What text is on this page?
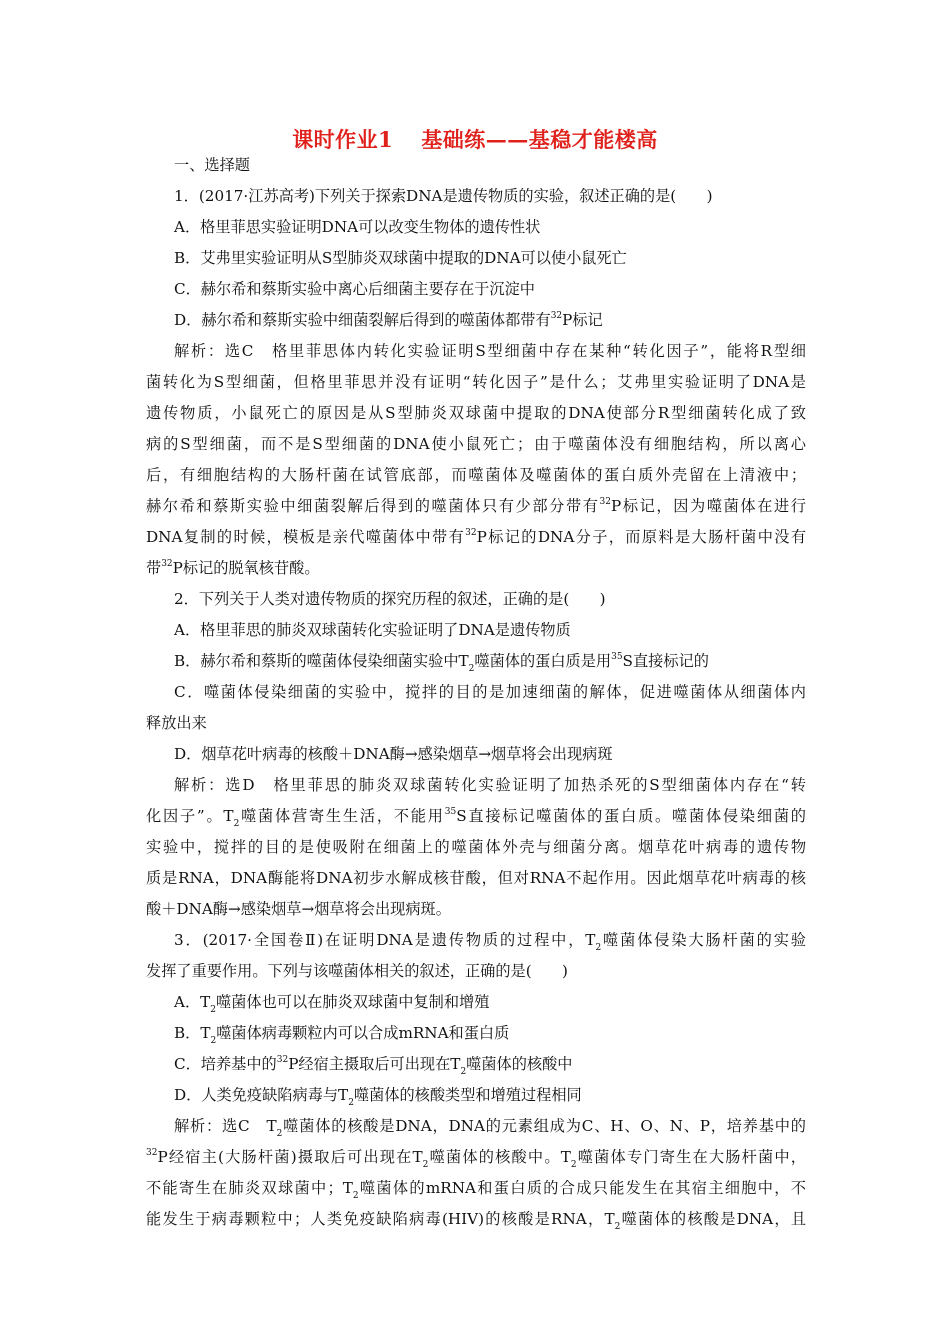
课时作业1 基础练——基稳才能楼高
一、选择题
1．(2017·江苏高考)下列关于探索DNA是遗传物质的实验，叙述正确的是(　　)
A．格里菲思实验证明DNA可以改变生物体的遗传性状
B．艾弗里实验证明从S型肺炎双球菌中提取的DNA可以使小鼠死亡
C．赫尔希和蔡斯实验中离心后细菌主要存在于沉淀中
D．赫尔希和蔡斯实验中细菌裂解后得到的噬菌体都带有$^{32}$P标记
解析：选C　格里菲思体内转化实验证明S型细菌中存在某种“转化因子”，能将R型细
菌转化为S型细菌，但格里菲思并没有证明“转化因子”是什么；艾弗里实验证明了DNA是
遗传物质，小鼠死亡的原因是从S型肺炎双球菌中提取的DNA使部分R型细菌转化成了致
病的S型细菌，而不是S型细菌的DNA使小鼠死亡；由于噬菌体没有细胞结构，所以离心
后，有细胞结构的大肠杆菌在试管底部，而噬菌体及噬菌体的蛋白质外壳留在上清液中；
赫尔希和蔡斯实验中细菌裂解后得到的噬菌体只有少部分带有$^{32}$P标记，因为噬菌体在进行
DNA复制的时候，模板是亲代噬菌体中带有$^{32}$P标记的DNA分子，而原料是大肠杆菌中没有
带$^{32}$P标记的脱氧核苷酸。
2．下列关于人类对遗传物质的探究历程的叙述，正确的是(　　)
A．格里菲思的肺炎双球菌转化实验证明了DNA是遗传物质
B．赫尔希和蔡斯的噬菌体侵染细菌实验中$T_2$噬菌体的蛋白质是用$^{35}$S直接标记的
C．噬菌体侵染细菌的实验中，搅拌的目的是加速细菌的解体，促进噬菌体从细菌体内
释放出来
D．烟草花叶病毒的核酸＋DNA酶→感染烟草→烟草将会出现病斑
解析：选D　格里菲思的肺炎双球菌转化实验证明了加热杀死的S型细菌体内存在“转
化因子”。$T_2$噬菌体营寄生生活，不能用$^{35}$S直接标记噬菌体的蛋白质。噬菌体侵染细菌的
实验中，搅拌的目的是使吸附在细菌上的噬菌体外壳与细菌分离。烟草花叶病毒的遗传物
质是RNA，DNA酶能将DNA初步水解成核苷酸，但对RNA不起作用。因此烟草花叶病毒的核
酸＋DNA酶→感染烟草→烟草将会出现病斑。
3．(2017·全国卷Ⅱ)在证明DNA是遗传物质的过程中，$T_2$噬菌体侵染大肠杆菌的实验
发挥了重要作用。下列与该噬菌体相关的叙述，正确的是(　　)
A．$T_2$噬菌体也可以在肺炎双球菌中复制和增殖
B．$T_2$噬菌体病毒颗粒内可以合成mRNA和蛋白质
C．培养基中的$^{32}$P经宿主摄取后可出现在$T_2$噬菌体的核酸中
D．人类免疫缺陷病毒与$T_2$噬菌体的核酸类型和增殖过程相同
解析：选C　$T_2$噬菌体的核酸是DNA，DNA的元素组成为C、H、O、N、P，培养基中的
$^{32}$P经宿主(大肠杆菌)摄取后可出现在$T_2$噬菌体的核酸中。$T_2$噬菌体专门寄生在大肠杆菌中，
不能寄生在肺炎双球菌中；$T_2$噬菌体的mRNA和蛋白质的合成只能发生在其宿主细胞中，不
能发生于病毒颗粒中；人类免疫缺陷病毒(HIV)的核酸是RNA，$T_2$噬菌体的核酸是DNA，且
